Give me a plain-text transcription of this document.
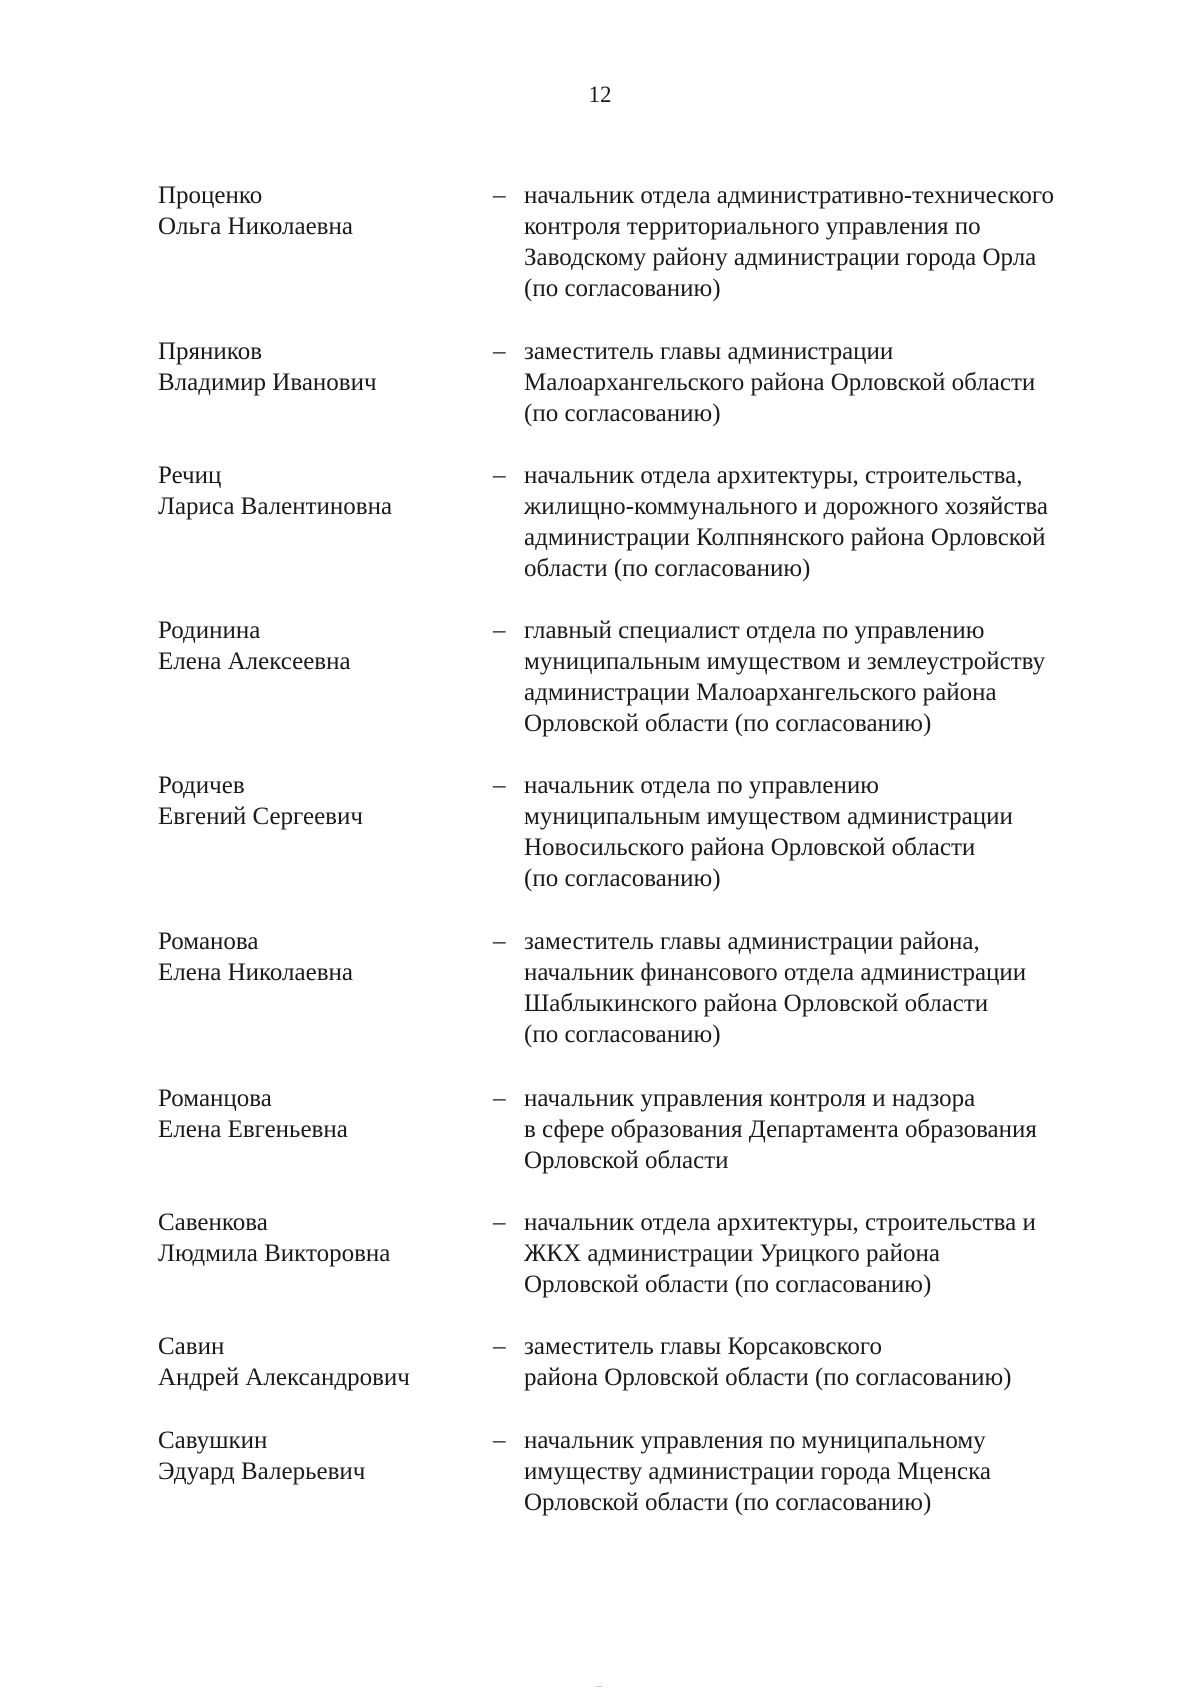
12
Проценко
Ольга Николаевна
– начальник отдела административно-технического
контроля территориального управления по
Заводскому району администрации города Орла
(по согласованию)
Пряников
Владимир Иванович
– заместитель главы администрации
Малоархангельского района Орловской области
(по согласованию)
Речиц
Лариса Валентиновна
– начальник отдела архитектуры, строительства,
жилищно-коммунального и дорожного хозяйства
администрации Колпнянского района Орловской
области (по согласованию)
Родинина
Елена Алексеевна
– главный специалист отдела по управлению
муниципальным имуществом и землеустройству
администрации Малоархангельского района
Орловской области (по согласованию)
Родичев
Евгений Сергеевич
– начальник отдела по управлению
муниципальным имуществом администрации
Новосильского района Орловской области
(по согласованию)
Романова
Елена Николаевна
– заместитель главы администрации района,
начальник финансового отдела администрации
Шаблыкинского района Орловской области
(по согласованию)
Романцова
Елена Евгеньевна
– начальник управления контроля и надзора
в сфере образования Департамента образования
Орловской области
Савенкова
Людмила Викторовна
– начальник отдела архитектуры, строительства и
ЖКХ администрации Урицкого района
Орловской области (по согласованию)
Савин
Андрей Александрович
– заместитель главы Корсаковского
района Орловской области (по согласованию)
Савушкин
Эдуард Валерьевич
– начальник управления по муниципальному
имуществу администрации города Мценска
Орловской области (по согласованию)
